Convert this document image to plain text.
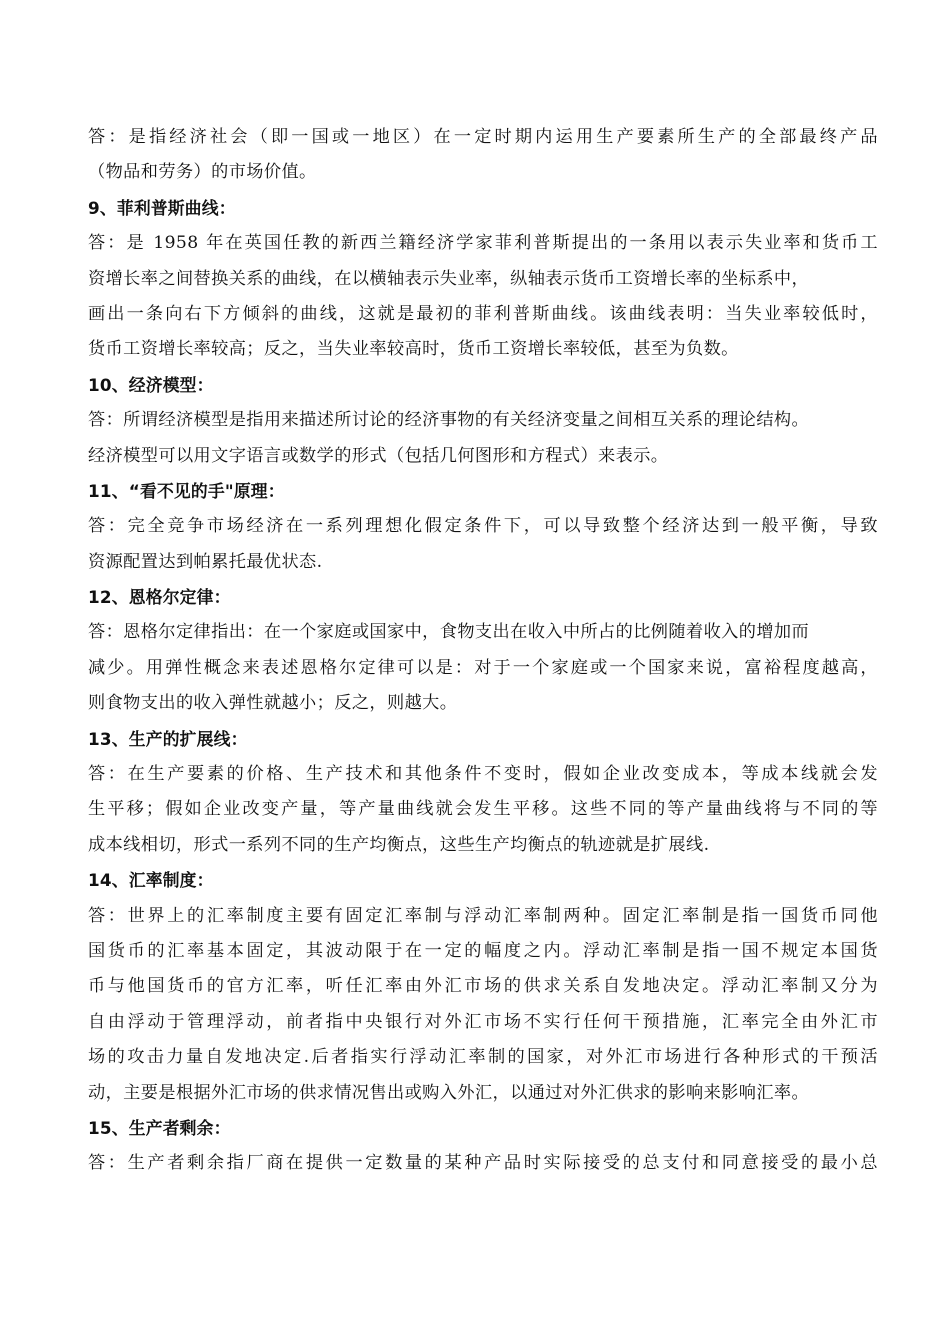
答：是指经济社会（即一国或一地区）在一定时期内运用生产要素所生产的全部最终产品
（物品和劳务）的市场价值。
9、菲利普斯曲线：
答：是 1958 年在英国任教的新西兰籍经济学家菲利普斯提出的一条用以表示失业率和货币工
资增长率之间替换关系的曲线，在以横轴表示失业率，纵轴表示货币工资增长率的坐标系中，
画出一条向右下方倾斜的曲线，这就是最初的菲利普斯曲线。该曲线表明：当失业率较低时，
货币工资增长率较高；反之，当失业率较高时，货币工资增长率较低，甚至为负数。
10、经济模型：
答：所谓经济模型是指用来描述所讨论的经济事物的有关经济变量之间相互关系的理论结构。
经济模型可以用文字语言或数学的形式（包括几何图形和方程式）来表示。
11、“看不见的手"原理：
答：完全竞争市场经济在一系列理想化假定条件下，可以导致整个经济达到一般平衡，导致
资源配置达到帕累托最优状态.
12、恩格尔定律：
答：恩格尔定律指出：在一个家庭或国家中，食物支出在收入中所占的比例随着收入的增加而
减少。用弹性概念来表述恩格尔定律可以是：对于一个家庭或一个国家来说，富裕程度越高，
则食物支出的收入弹性就越小；反之，则越大。
13、生产的扩展线：
答：在生产要素的价格、生产技术和其他条件不变时，假如企业改变成本，等成本线就会发
生平移；假如企业改变产量，等产量曲线就会发生平移。这些不同的等产量曲线将与不同的等
成本线相切，形式一系列不同的生产均衡点，这些生产均衡点的轨迹就是扩展线.
14、汇率制度：
答：世界上的汇率制度主要有固定汇率制与浮动汇率制两种。固定汇率制是指一国货币同他
国货币的汇率基本固定，其波动限于在一定的幅度之内。浮动汇率制是指一国不规定本国货
币与他国货币的官方汇率，听任汇率由外汇市场的供求关系自发地决定。浮动汇率制又分为
自由浮动于管理浮动，前者指中央银行对外汇市场不实行任何干预措施，汇率完全由外汇市
场的攻击力量自发地决定.后者指实行浮动汇率制的国家，对外汇市场进行各种形式的干预活
动，主要是根据外汇市场的供求情况售出或购入外汇，以通过对外汇供求的影响来影响汇率。
15、生产者剩余：
答：生产者剩余指厂商在提供一定数量的某种产品时实际接受的总支付和同意接受的最小总
